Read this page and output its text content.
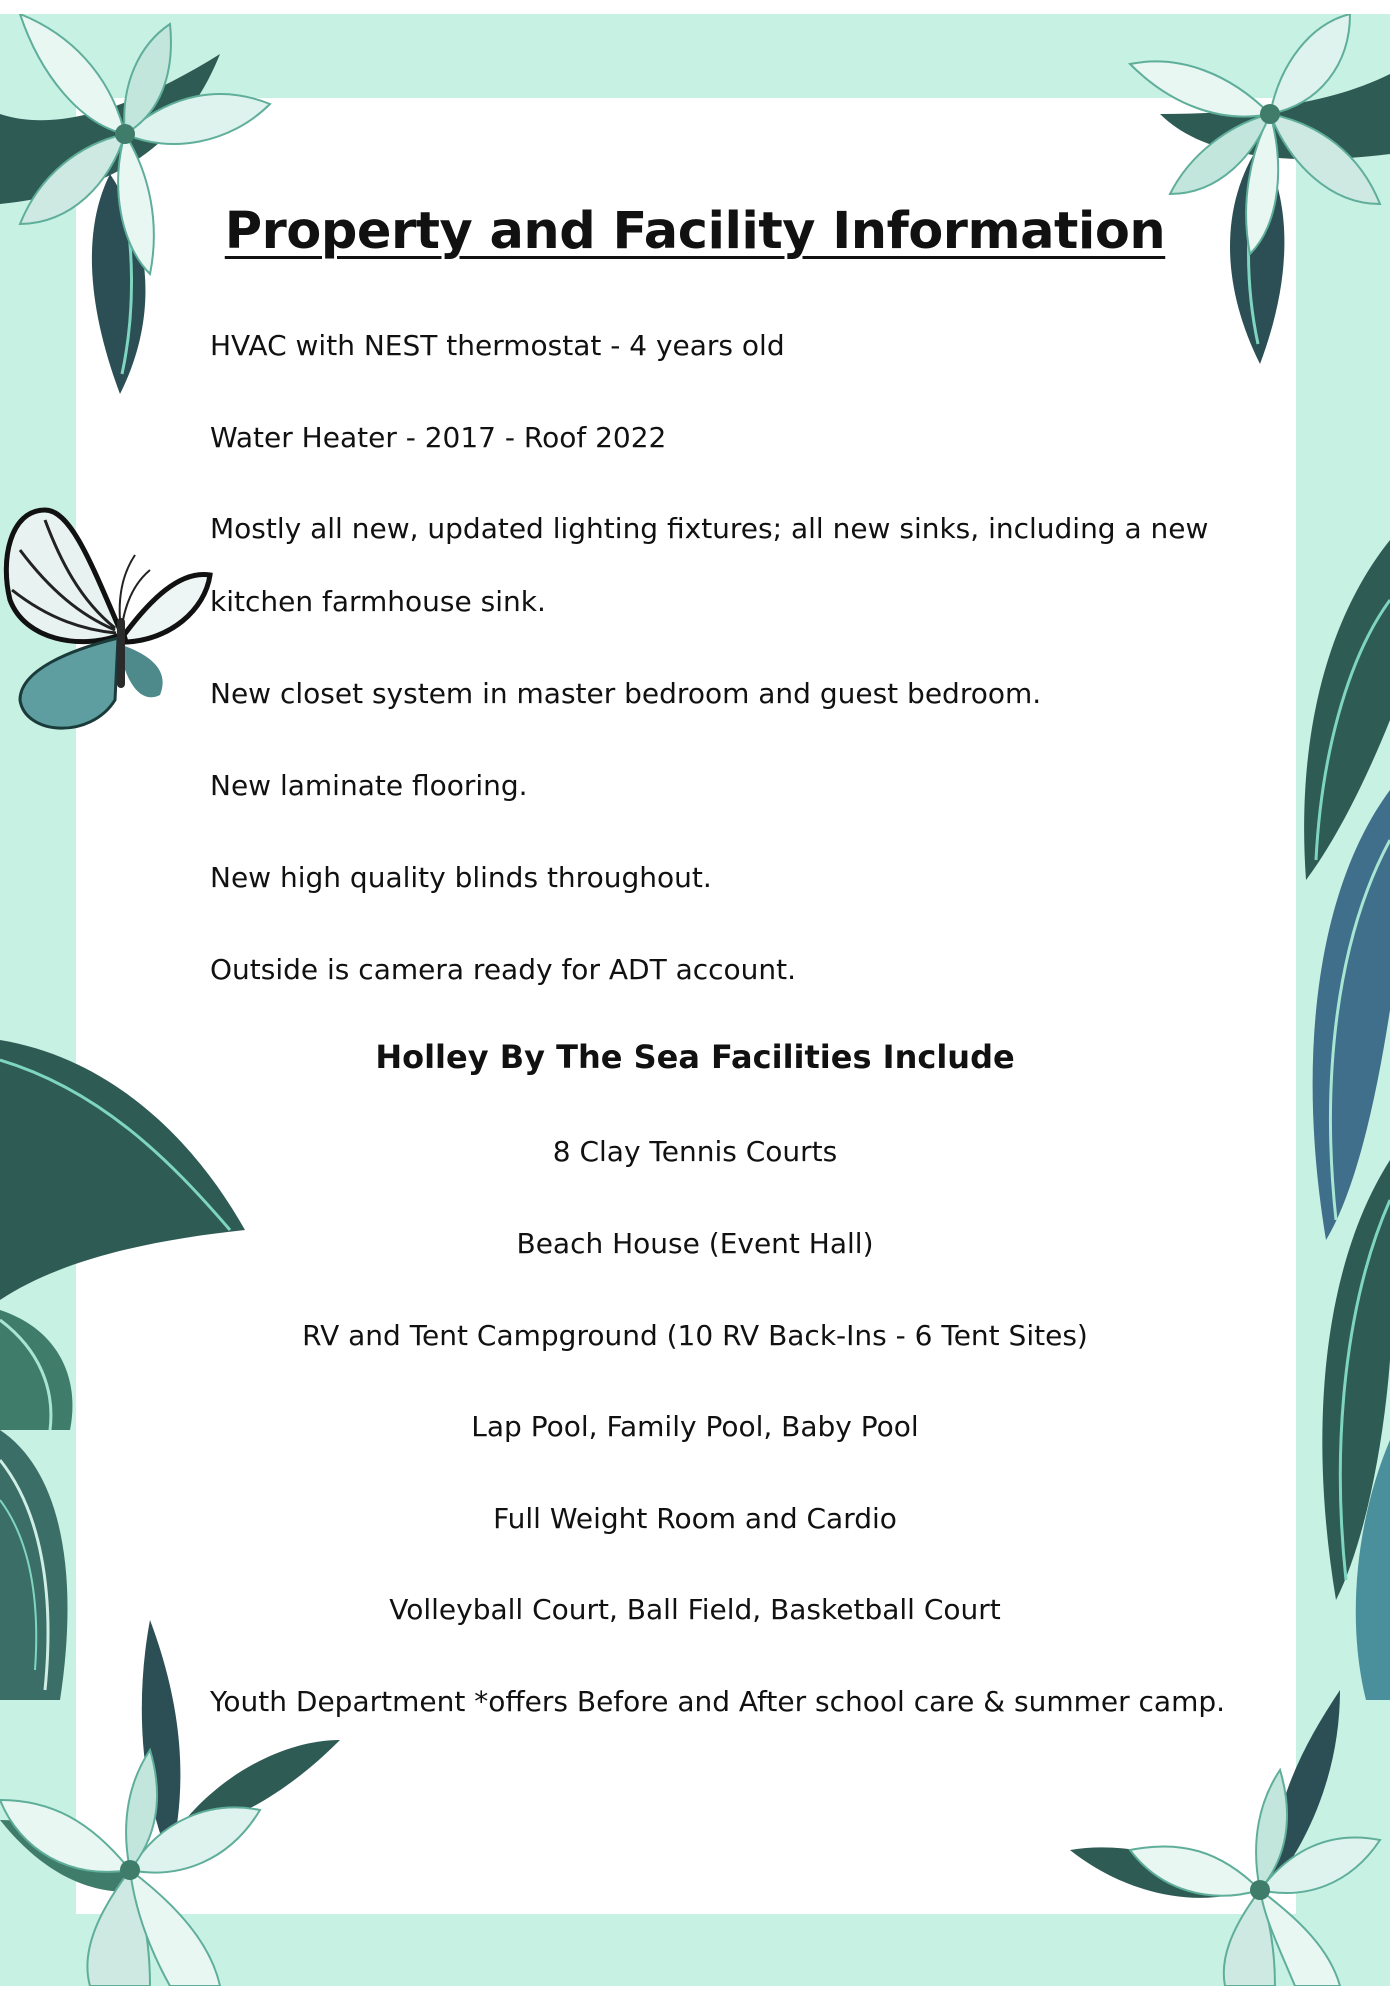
Property and Facility Information

HVAC with NEST thermostat - 4 years old

Water Heater - 2017 - Roof 2022

Mostly all new, updated lighting fixtures; all new sinks, including a new kitchen farmhouse sink.

New closet system in master bedroom and guest bedroom.

New laminate flooring.

New high quality blinds throughout.

Outside is camera ready for ADT account.

Holley By The Sea Facilities Include

8 Clay Tennis Courts

Beach House (Event Hall)

RV and Tent Campground (10 RV Back-Ins - 6 Tent Sites)

Lap Pool, Family Pool, Baby Pool

Full Weight Room and Cardio

Volleyball Court, Ball Field, Basketball Court

Youth Department *offers Before and After school care & summer camp.
